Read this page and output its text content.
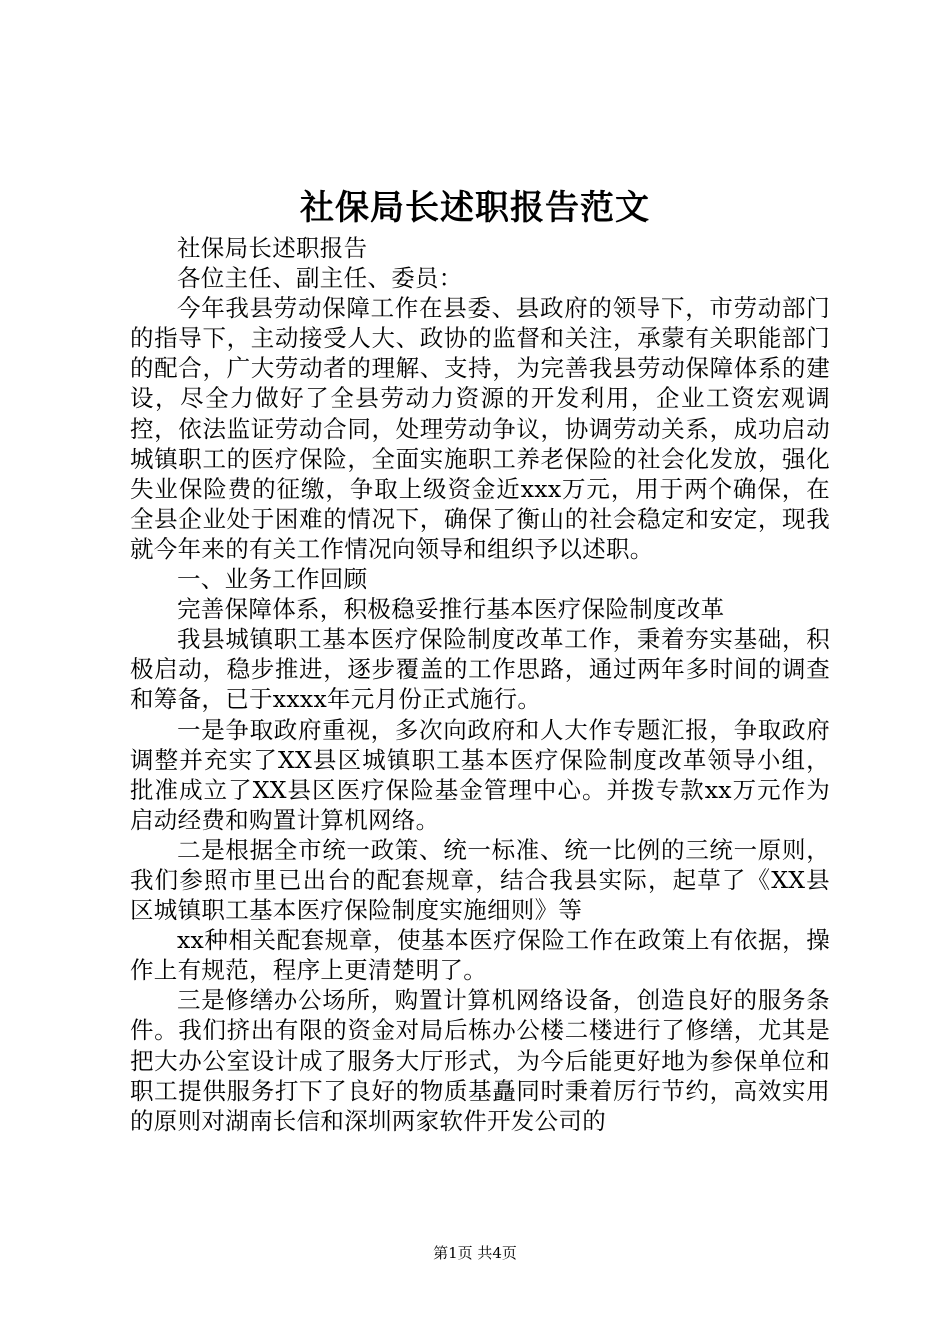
社保局长述职报告范文

社保局长述职报告

各位主任、副主任、委员：

今年我县劳动保障工作在县委、县政府的领导下，市劳动部门的指导下，主动接受人大、政协的监督和关注，承蒙有关职能部门的配合，广大劳动者的理解、支持，为完善我县劳动保障体系的建设，尽全力做好了全县劳动力资源的开发利用，企业工资宏观调控，依法监证劳动合同，处理劳动争议，协调劳动关系，成功启动城镇职工的医疗保险，全面实施职工养老保险的社会化发放，强化失业保险费的征缴，争取上级资金近xxx万元，用于两个确保，在全县企业处于困难的情况下，确保了衡山的社会稳定和安定，现我就今年来的有关工作情况向领导和组织予以述职。

一、业务工作回顾

完善保障体系，积极稳妥推行基本医疗保险制度改革

我县城镇职工基本医疗保险制度改革工作，秉着夯实基础，积极启动，稳步推进，逐步覆盖的工作思路，通过两年多时间的调查和筹备，已于xxxx年元月份正式施行。

一是争取政府重视，多次向政府和人大作专题汇报，争取政府调整并充实了XX县区城镇职工基本医疗保险制度改革领导小组，批准成立了XX县区医疗保险基金管理中心。并拨专款xx万元作为启动经费和购置计算机网络。

二是根据全市统一政策、统一标准、统一比例的三统一原则，我们参照市里已出台的配套规章，结合我县实际，起草了《XX县区城镇职工基本医疗保险制度实施细则》等

xx种相关配套规章，使基本医疗保险工作在政策上有依据，操作上有规范，程序上更清楚明了。

三是修缮办公场所，购置计算机网络设备，创造良好的服务条件。我们挤出有限的资金对局后栋办公楼二楼进行了修缮，尤其是把大办公室设计成了服务大厅形式，为今后能更好地为参保单位和职工提供服务打下了良好的物质基矗同时秉着厉行节约，高效实用的原则对湖南长信和深圳两家软件开发公司的

第1页 共4页
